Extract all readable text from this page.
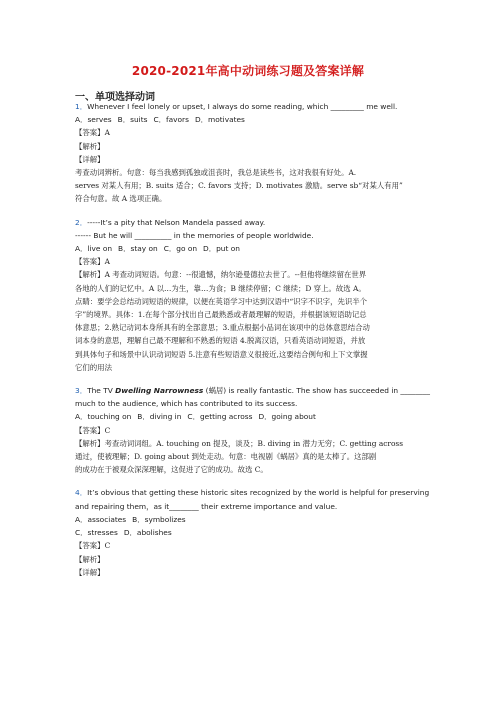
2020-2021年高中动词练习题及答案详解
一、单项选择动词
1．Whenever I feel lonely or upset, I always do some reading, which _________ me well.
A．serves B．suits C．favors D．motivates
【答案】A
【解析】
【详解】
考查动词辨析。句意：每当我感到孤独或沮丧时，我总是读些书，这对我很有好处。A.
serves 对某人有用；B. suits 适合；C. favors 支持；D. motivates 激励。serve sb“对某人有用”
符合句意。故 A 选项正确。
2．-----It’s a pity that Nelson Mandela passed away.
------ But he will __________ in the memories of people worldwide.
A．live on B．stay on C．go on D．put on
【答案】A
【解析】A 考查动词短语。句意：--很遗憾，纳尔逊曼德拉去世了。--但他将继续留在世界
各地的人们的记忆中。A 以…为生，靠…为食；B 继续停留；C 继续；D 穿上。故选 A。
点睛：要学会总结动词短语的规律，以便在英语学习中达到汉语中“识字不识字，先识半个
字”的境界。具体：1.在每个部分找出自己最熟悉或者最理解的短语，并根据该短语助记总
体意思；2.熟记动词本身所具有的全部意思；3.重点根据小品词在该项中的总体意思结合动
词本身的意思，理解自己最不理解和不熟悉的短语 4.脱离汉语，只看英语动词短语，并放
到具体句子和场景中认识动词短语 5.注意有些短语意义很接近,这要结合例句和上下文掌握
它们的用法
3．The TV Dwelling Narrowness (蜗居) is really fantastic. The show has succeeded in ________
much to the audience, which has contributed to its success.
A．touching on B．diving in C．getting across D．going about
【答案】C
【解析】考查动词词组。A. touching on 提及，谈及；B. diving in 潜力无穷；C. getting across
通过，使被理解；D. going about 到处走动。句意：电视剧《蜗居》真的是太棒了。这部剧
的成功在于被观众深深理解，这促进了它的成功。故选 C。
4．It’s obvious that getting these historic sites recognized by the world is helpful for preserving
and repairing them，as it________ their extreme importance and value.
A．associates B．symbolizes
C．stresses D．abolishes
【答案】C
【解析】
【详解】
